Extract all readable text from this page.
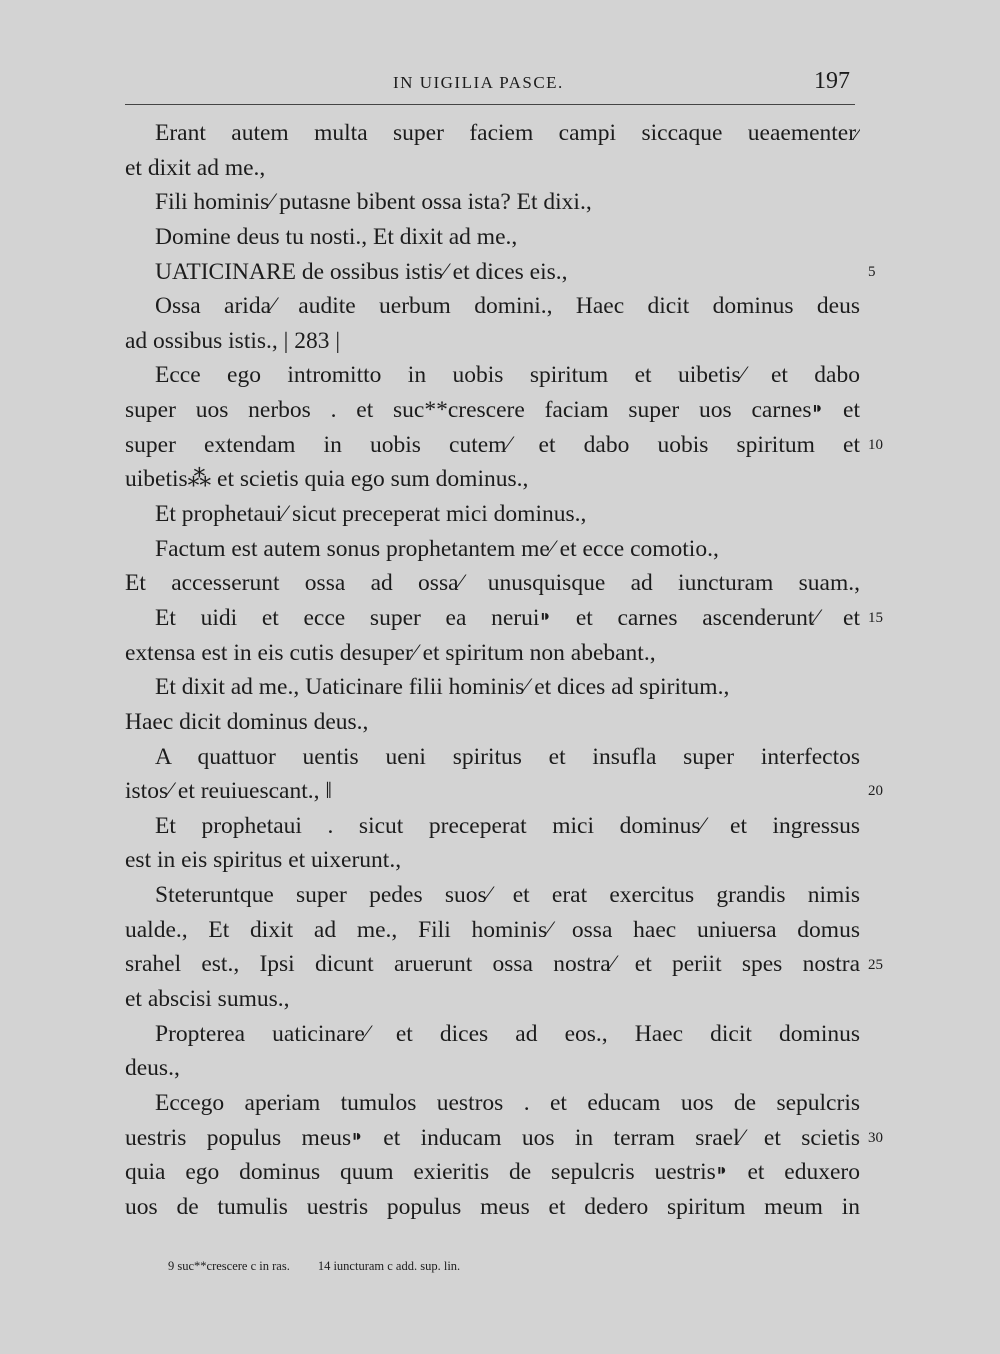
IN UIGILIA PASCE.	197
Erant autem multa super faciem campi siccaque ueaementer⁄
et dixit ad me.,
Fili hominis⁄ putasne bibent ossa ista? Et dixi.,
Domine deus tu nosti., Et dixit ad me.,
UATICINARE de ossibus istis⁄ et dices eis.,
Ossa arida⁄ audite uerbum domini., Haec dicit dominus deus
ad ossibus istis., | 283 |
Ecce ego intromitto in uobis spiritum et uibetis⁄ et dabo
super uos nerbos . et suc**crescere faciam super uos carnes⁍ et
super extendam in uobis cutem⁄ et dabo uobis spiritum et
uibetis⁂ et scietis quia ego sum dominus.,
Et prophetaui⁄ sicut preceperat mici dominus.,
Factum est autem sonus prophetantem me⁄ et ecce comotio.,
Et accesserunt ossa ad ossa⁄ unusquisque ad iuncturam suam.,
Et uidi et ecce super ea nerui⁍ et carnes ascenderunt⁄ et
extensa est in eis cutis desuper⁄ et spiritum non abebant.,
Et dixit ad me., Uaticinare filii hominis⁄ et dices ad spiritum.,
Haec dicit dominus deus.,
A quattuor uentis ueni spiritus et insufla super interfectos
istos⁄ et reuiuescant., ‖
Et prophetaui . sicut preceperat mici dominus⁄ et ingressus
est in eis spiritus et uixerunt.,
Steteruntque super pedes suos⁄ et erat exercitus grandis nimis
ualde., Et dixit ad me., Fili hominis⁄ ossa haec uniuersa domus
srahel est., Ipsi dicunt aruerunt ossa nostra⁄ et periit spes nostra
et abscisi sumus.,
Propterea uaticinare⁄ et dices ad eos., Haec dicit dominus
deus.,
Eccego aperiam tumulos uestros . et educam uos de sepulcris
uestris populus meus⁍ et inducam uos in terram srael⁄ et scietis
quia ego dominus quum exieritis de sepulcris uestris⁍ et eduxero
uos de tumulis uestris populus meus et dedero spiritum meum in
5
10
15
20
25
30
9 suc**crescere c in ras. 14 iuncturam c add. sup. lin.
